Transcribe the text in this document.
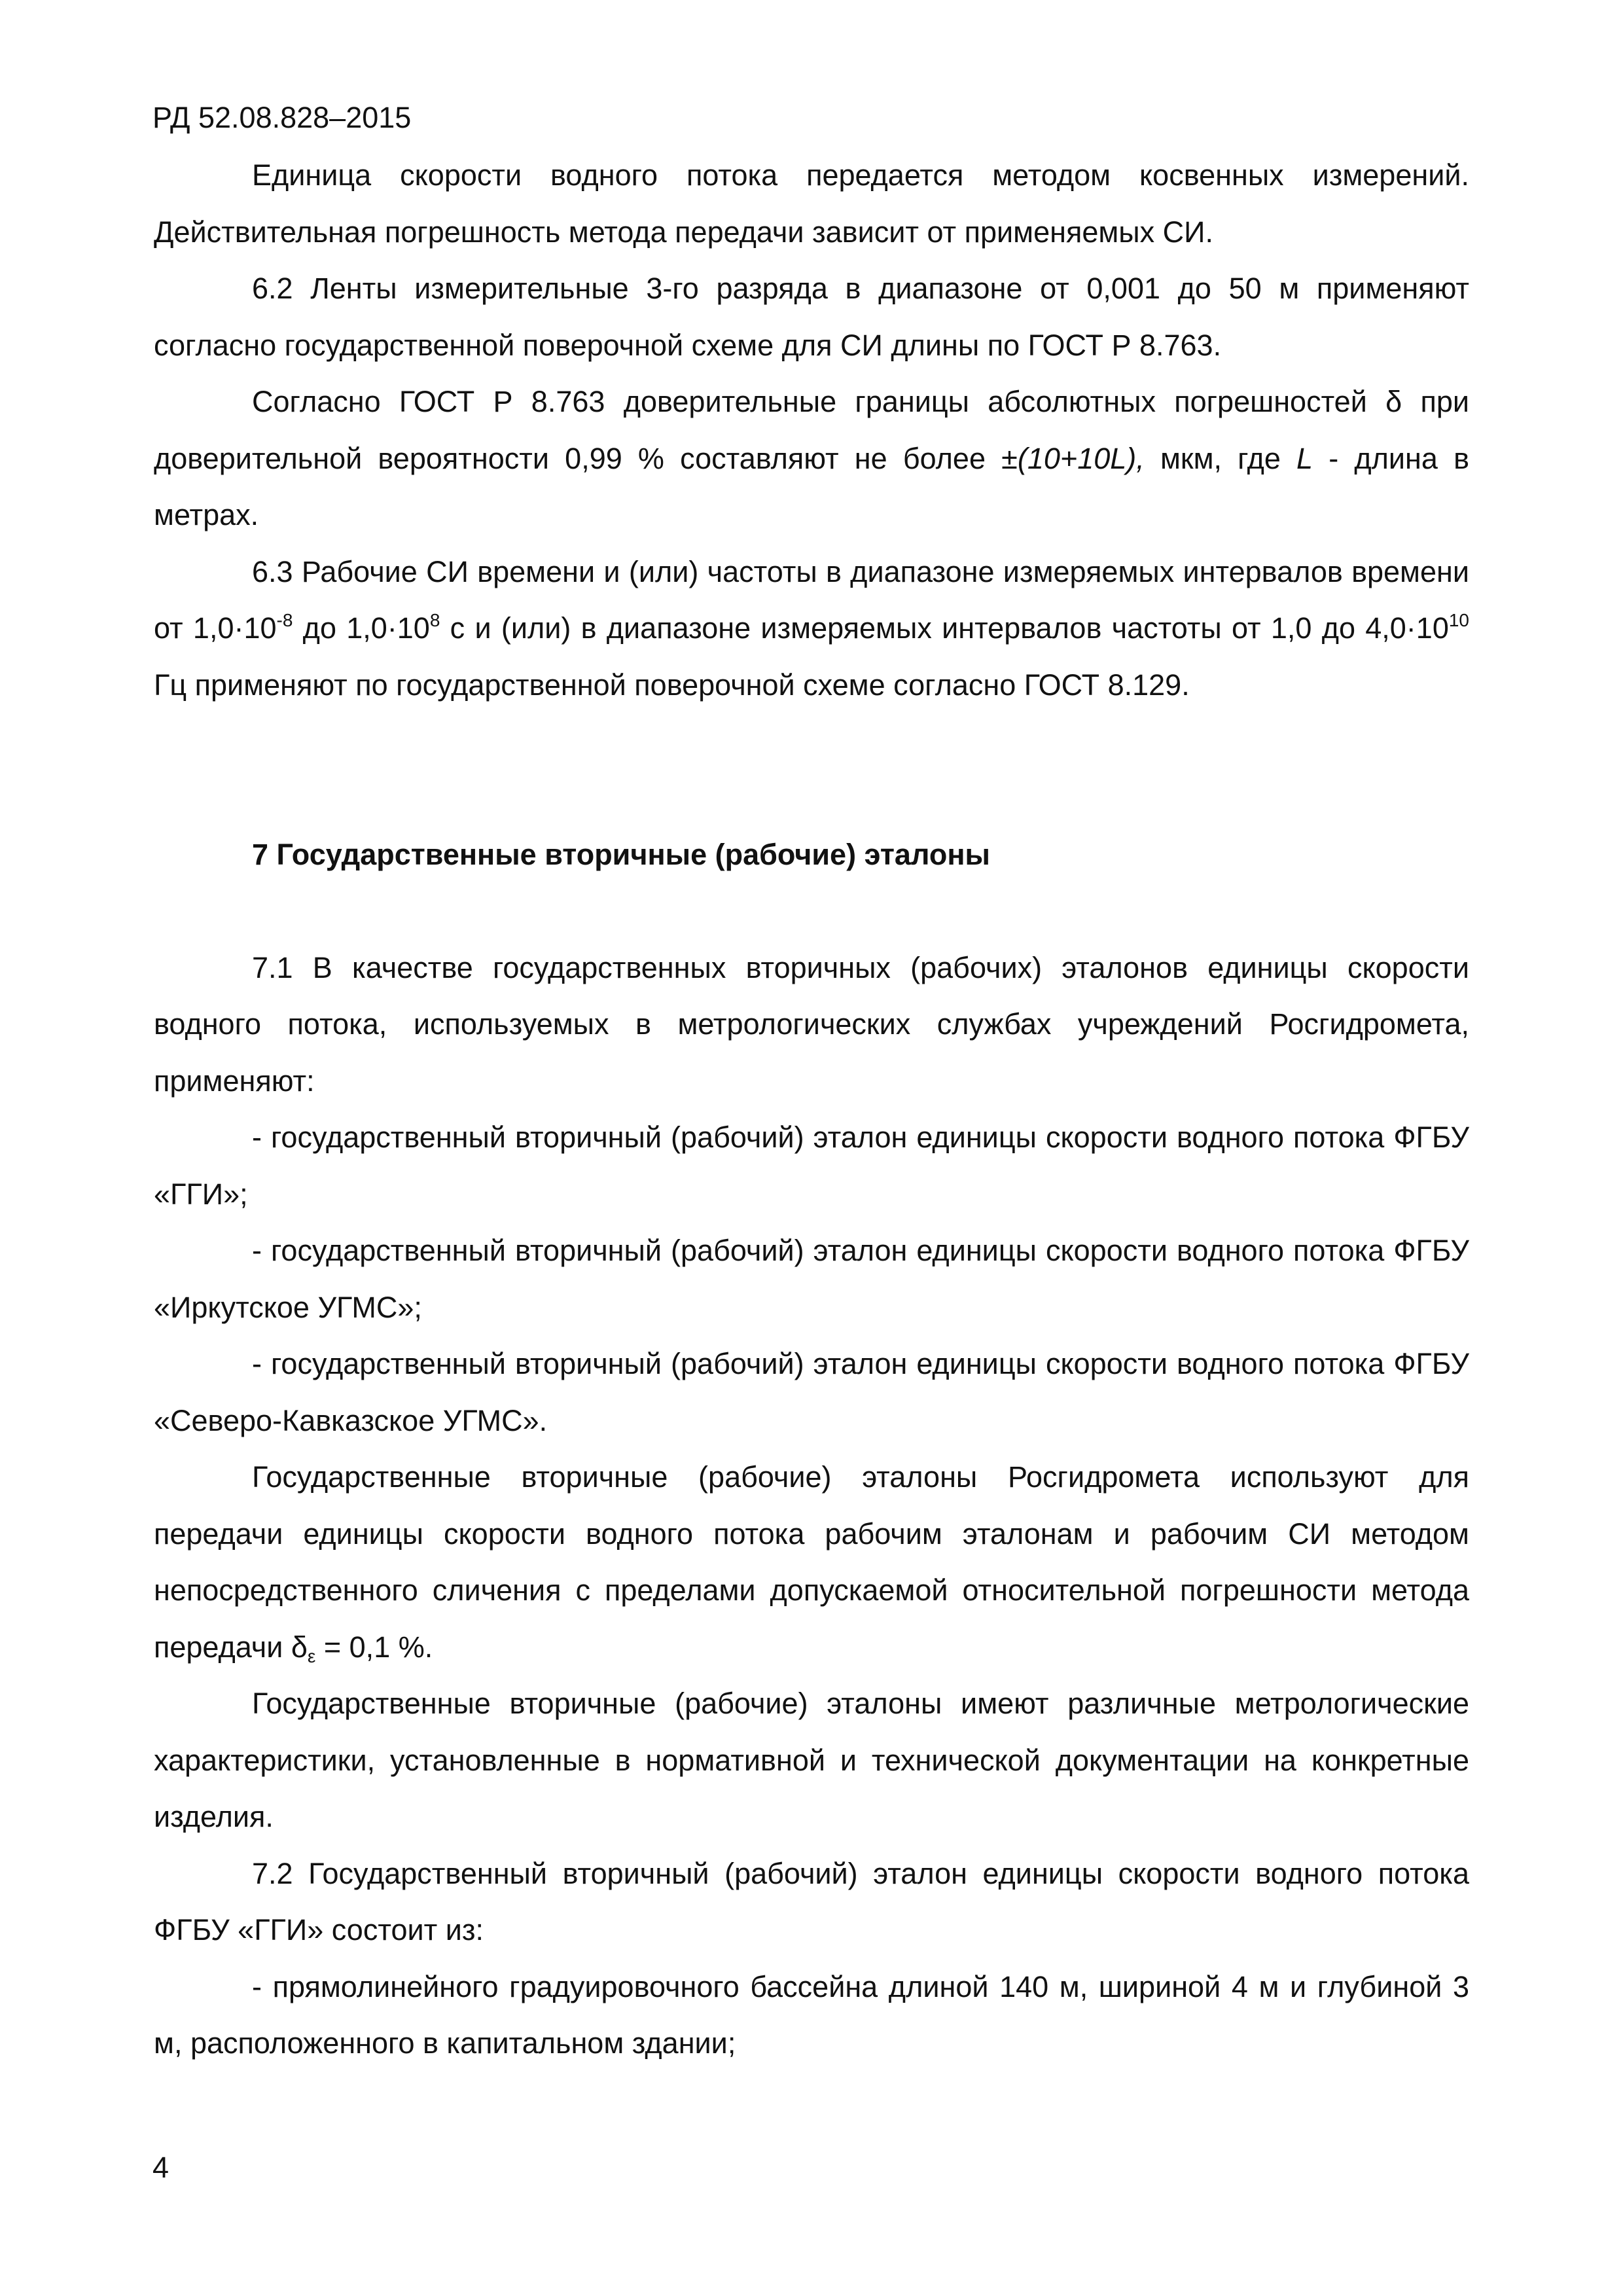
РД 52.08.828–2015

Единица скорости водного потока передается методом косвенных измерений. Действительная погрешность метода передачи зависит от применяемых СИ.

6.2 Ленты измерительные 3-го разряда в диапазоне от 0,001 до 50 м применяют согласно государственной поверочной схеме для СИ длины по ГОСТ Р 8.763.

Согласно ГОСТ Р 8.763 доверительные границы абсолютных погрешностей δ при доверительной вероятности 0,99 % составляют не более ±(10+10L), мкм, где L - длина в метрах.

6.3 Рабочие СИ времени и (или) частоты в диапазоне измеряемых интервалов времени от $1,0\cdot 10^{-8}$ до $1,0\cdot 10^8$ с и (или) в диапазоне измеряемых интервалов частоты от 1,0 до $4,0\cdot 10^{10}$ Гц применяют по государственной поверочной схеме согласно ГОСТ 8.129.

7 Государственные вторичные (рабочие) эталоны

7.1 В качестве государственных вторичных (рабочих) эталонов единицы скорости водного потока, используемых в метрологических службах учреждений Росгидромета, применяют:

- государственный вторичный (рабочий) эталон единицы скорости водного потока ФГБУ «ГГИ»;

- государственный вторичный (рабочий) эталон единицы скорости водного потока ФГБУ «Иркутское УГМС»;

- государственный вторичный (рабочий) эталон единицы скорости водного потока ФГБУ «Северо-Кавказское УГМС».

Государственные вторичные (рабочие) эталоны Росгидромета используют для передачи единицы скорости водного потока рабочим эталонам и рабочим СИ методом непосредственного сличения с пределами допускаемой относительной погрешности метода передачи $\delta_\varepsilon = 0,1$ %.

Государственные вторичные (рабочие) эталоны имеют различные метрологические характеристики, установленные в нормативной и технической документации на конкретные изделия.

7.2 Государственный вторичный (рабочий) эталон единицы скорости водного потока ФГБУ «ГГИ» состоит из:

- прямолинейного градуировочного бассейна длиной 140 м, шириной 4 м и глубиной 3 м, расположенного в капитальном здании;

4
